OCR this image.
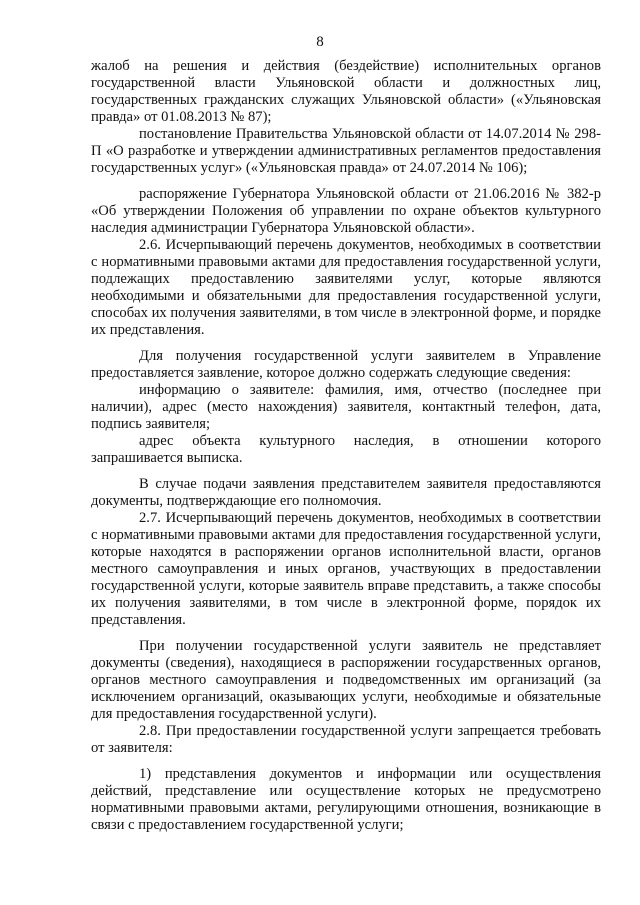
8

жалоб на решения и действия (бездействие) исполнительных органов государственной власти Ульяновской области и должностных лиц, государственных гражданских служащих Ульяновской области» («Ульяновская правда» от 01.08.2013 № 87);

постановление Правительства Ульяновской области от 14.07.2014 № 298-П «О разработке и утверждении административных регламентов предоставления государственных услуг» («Ульяновская правда» от 24.07.2014 № 106);

распоряжение Губернатора Ульяновской области от 21.06.2016 № 382-р «Об утверждении Положения об управлении по охране объектов культурного наследия администрации Губернатора Ульяновской области».

2.6. Исчерпывающий перечень документов, необходимых в соответствии с нормативными правовыми актами для предоставления государственной услуги, подлежащих предоставлению заявителями услуг, которые являются необходимыми и обязательными для предоставления государственной услуги, способах их получения заявителями, в том числе в электронной форме, и порядке их представления.

Для получения государственной услуги заявителем в Управление предоставляется заявление, которое должно содержать следующие сведения:

информацию о заявителе: фамилия, имя, отчество (последнее при наличии), адрес (место нахождения) заявителя, контактный телефон, дата, подпись заявителя;

адрес объекта культурного наследия, в отношении которого запрашивается выписка.

В случае подачи заявления представителем заявителя предоставляются документы, подтверждающие его полномочия.

2.7. Исчерпывающий перечень документов, необходимых в соответствии с нормативными правовыми актами для предоставления государственной услуги, которые находятся в распоряжении органов исполнительной власти, органов местного самоуправления и иных органов, участвующих в предоставлении государственной услуги, которые заявитель вправе представить, а также способы их получения заявителями, в том числе в электронной форме, порядок их представления.

При получении государственной услуги заявитель не представляет документы (сведения), находящиеся в распоряжении государственных органов, органов местного самоуправления и подведомственных им организаций (за исключением организаций, оказывающих услуги, необходимые и обязательные для предоставления государственной услуги).

2.8. При предоставлении государственной услуги запрещается требовать от заявителя:

1) представления документов и информации или осуществления действий, представление или осуществление которых не предусмотрено нормативными правовыми актами, регулирующими отношения, возникающие в связи с предоставлением государственной услуги;
